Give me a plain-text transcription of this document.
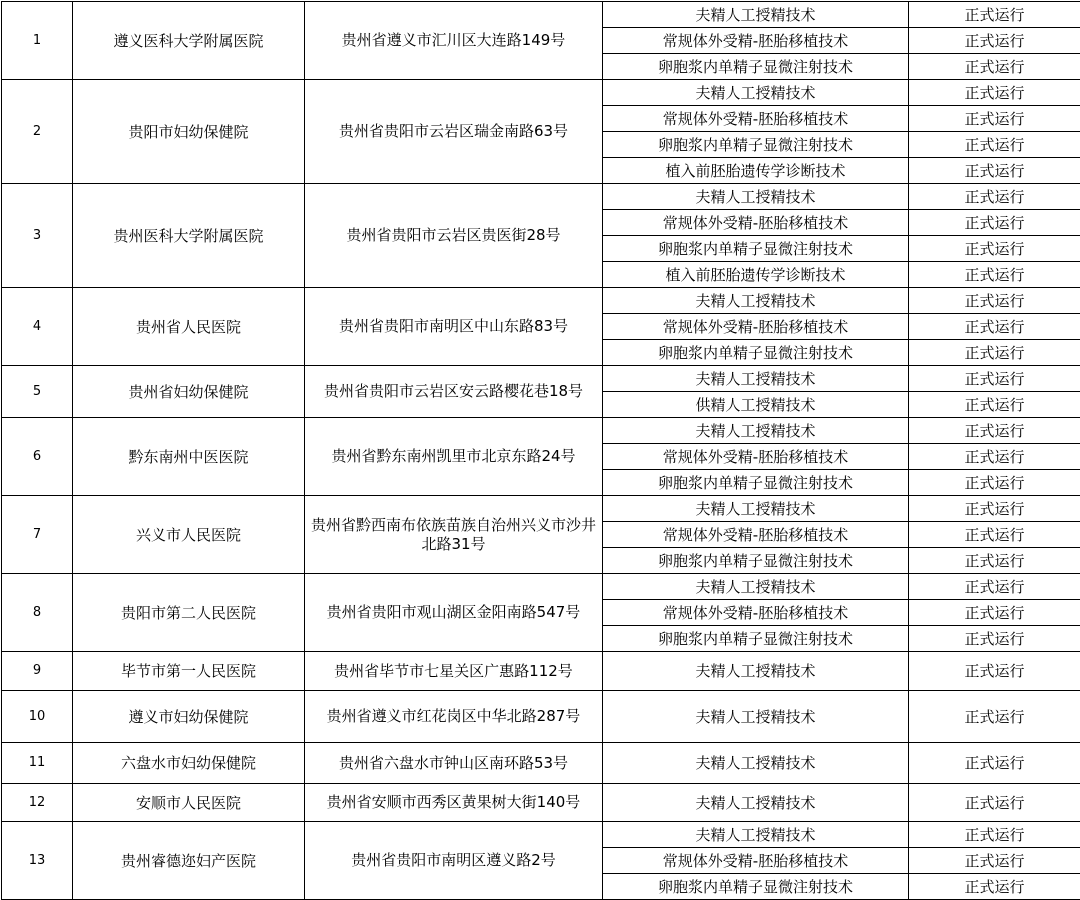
1	遵义医科大学附属医院	贵州省遵义市汇川区大连路149号	夫精人工授精技术	正式运行
			常规体外受精-胚胎移植技术	正式运行
			卵胞浆内单精子显微注射技术	正式运行
2	贵阳市妇幼保健院	贵州省贵阳市云岩区瑞金南路63号	夫精人工授精技术	正式运行
			常规体外受精-胚胎移植技术	正式运行
			卵胞浆内单精子显微注射技术	正式运行
			植入前胚胎遗传学诊断技术	正式运行
3	贵州医科大学附属医院	贵州省贵阳市云岩区贵医街28号	夫精人工授精技术	正式运行
			常规体外受精-胚胎移植技术	正式运行
			卵胞浆内单精子显微注射技术	正式运行
			植入前胚胎遗传学诊断技术	正式运行
4	贵州省人民医院	贵州省贵阳市南明区中山东路83号	夫精人工授精技术	正式运行
			常规体外受精-胚胎移植技术	正式运行
			卵胞浆内单精子显微注射技术	正式运行
5	贵州省妇幼保健院	贵州省贵阳市云岩区安云路樱花巷18号	夫精人工授精技术	正式运行
			供精人工授精技术	正式运行
6	黔东南州中医医院	贵州省黔东南州凯里市北京东路24号	夫精人工授精技术	正式运行
			常规体外受精-胚胎移植技术	正式运行
			卵胞浆内单精子显微注射技术	正式运行
7	兴义市人民医院	贵州省黔西南布依族苗族自治州兴义市沙井北路31号	夫精人工授精技术	正式运行
			常规体外受精-胚胎移植技术	正式运行
			卵胞浆内单精子显微注射技术	正式运行
8	贵阳市第二人民医院	贵州省贵阳市观山湖区金阳南路547号	夫精人工授精技术	正式运行
			常规体外受精-胚胎移植技术	正式运行
			卵胞浆内单精子显微注射技术	正式运行
9	毕节市第一人民医院	贵州省毕节市七星关区广惠路112号	夫精人工授精技术	正式运行
10	遵义市妇幼保健院	贵州省遵义市红花岗区中华北路287号	夫精人工授精技术	正式运行
11	六盘水市妇幼保健院	贵州省六盘水市钟山区南环路53号	夫精人工授精技术	正式运行
12	安顺市人民医院	贵州省安顺市西秀区黄果树大街140号	夫精人工授精技术	正式运行
13	贵州睿德迩妇产医院	贵州省贵阳市南明区遵义路2号	夫精人工授精技术	正式运行
			常规体外受精-胚胎移植技术	正式运行
			卵胞浆内单精子显微注射技术	正式运行
